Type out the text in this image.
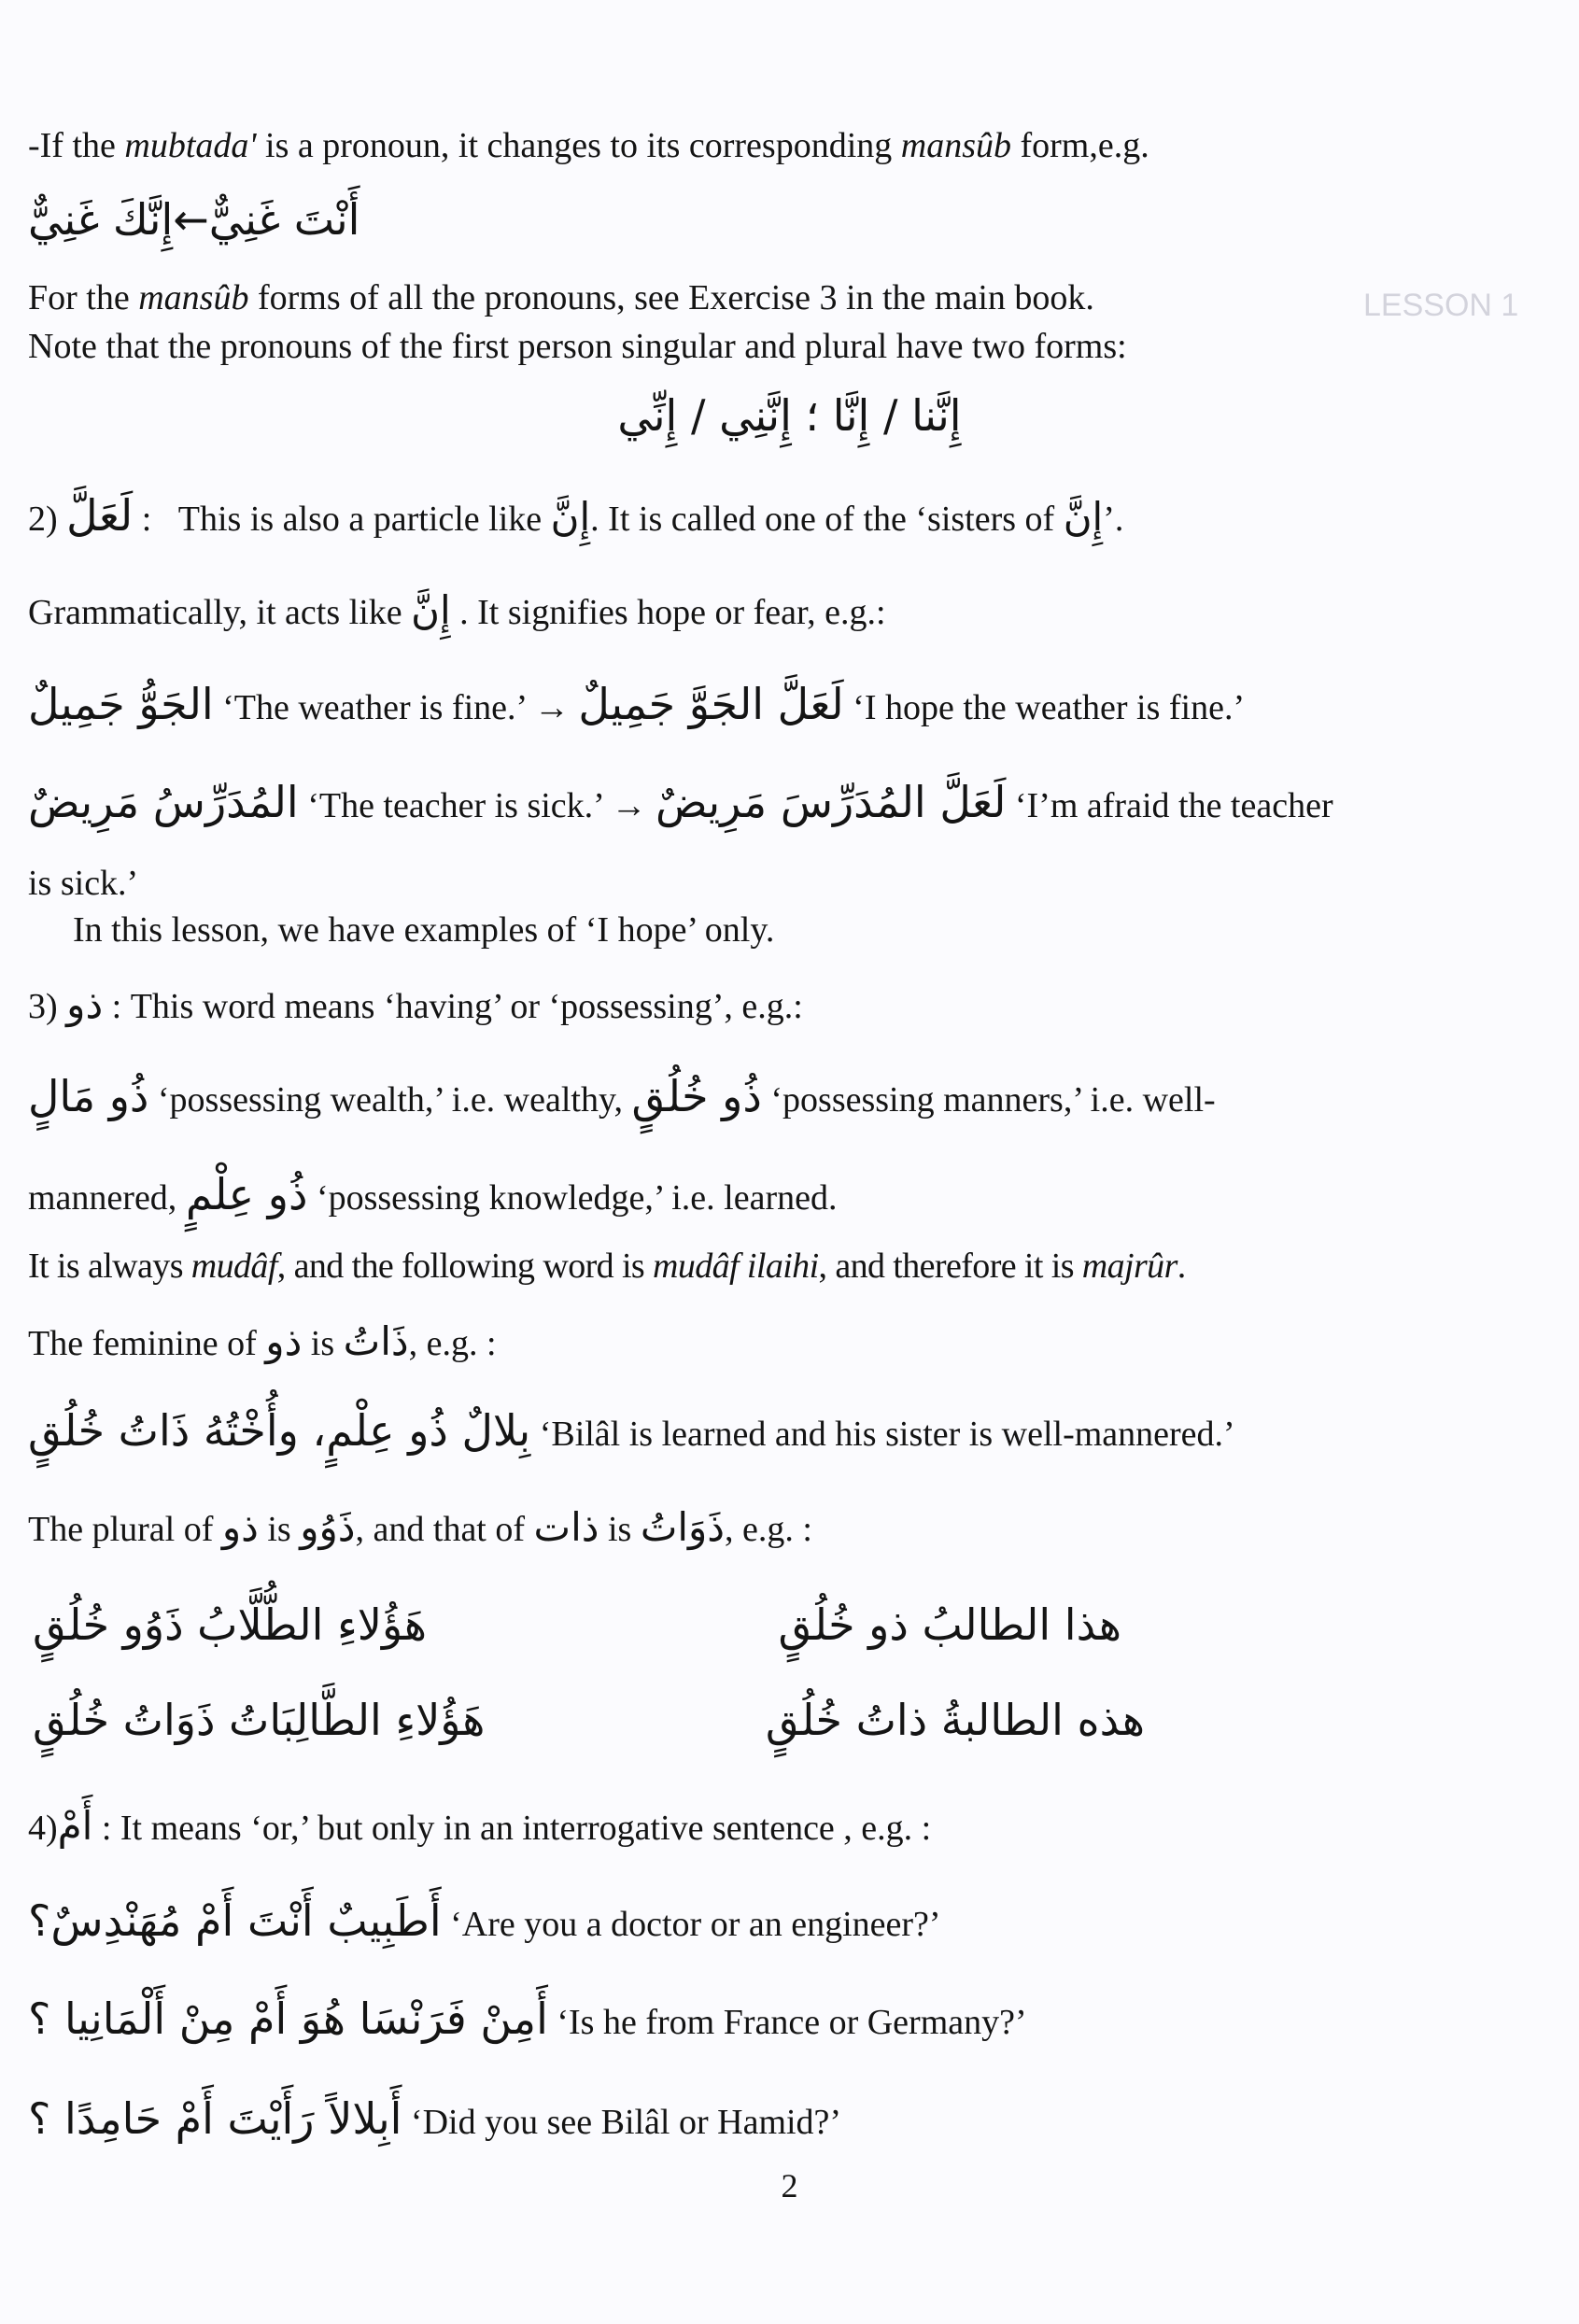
LESSON 1
-If the mubtada' is a pronoun, it changes to its corresponding mansûb form,e.g.
إِنَّكَ غَنِيٌّ←أَنْتَ غَنِيٌّ
For the mansûb forms of all the pronouns, see Exercise 3 in the main book.
Note that the pronouns of the first person singular and plural have two forms:
إِنَّنا / إِنَّا ؛ إِنَّنِي / إِنِّي
2) لَعَلَّ : This is also a particle like إِنَّ. It is called one of the ‘sisters of إِنَّ’.
Grammatically, it acts like إِنَّ . It signifies hope or fear, e.g.:
الجَوُّ جَمِيلٌ ‘The weather is fine.’ → لَعَلَّ الجَوَّ جَمِيلٌ ‘I hope the weather is fine.’
المُدَرِّسُ مَرِيضٌ ‘The teacher is sick.’ → لَعَلَّ المُدَرِّسَ مَرِيضٌ ‘I’m afraid the teacher
is sick.’
In this lesson, we have examples of ‘I hope’ only.
3) ذو : This word means ‘having’ or ‘possessing’, e.g.:
ذُو مَالٍ ‘possessing wealth,’ i.e. wealthy, ذُو خُلُقٍ ‘possessing manners,’ i.e. well-
mannered, ذُو عِلْمٍ ‘possessing knowledge,’ i.e. learned.
It is always mudâf, and the following word is mudâf ilaihi, and therefore it is majrûr.
The feminine of ذو is ذَاتُ, e.g. :
بِلالٌ ذُو عِلْمٍ، وأُخْتُهُ ذَاتُ خُلُقٍ ‘Bilâl is learned and his sister is well-mannered.’
The plural of ذو is ذَوُو, and that of ذات is ذَوَاتُ, e.g. :
هذا الطالبُ ذو خُلُقٍ
هَؤُلاءِ الطُّلَّابُ ذَوُو خُلُقٍ
هذه الطالبةُ ذاتُ خُلُقٍ
هَؤُلاءِ الطَّالِبَاتُ ذَوَاتُ خُلُقٍ
4)أَمْ : It means ‘or,’ but only in an interrogative sentence , e.g. :
أَطَبِيبٌ أَنْتَ أَمْ مُهَنْدِسٌ؟ ‘Are you a doctor or an engineer?’
أَمِنْ فَرَنْسَا هُوَ أَمْ مِنْ أَلْمَانِيا ؟ ‘Is he from France or Germany?’
أَبِلالاً رَأَيْتَ أَمْ حَامِدًا ؟ ‘Did you see Bilâl or Hamid?’
2
